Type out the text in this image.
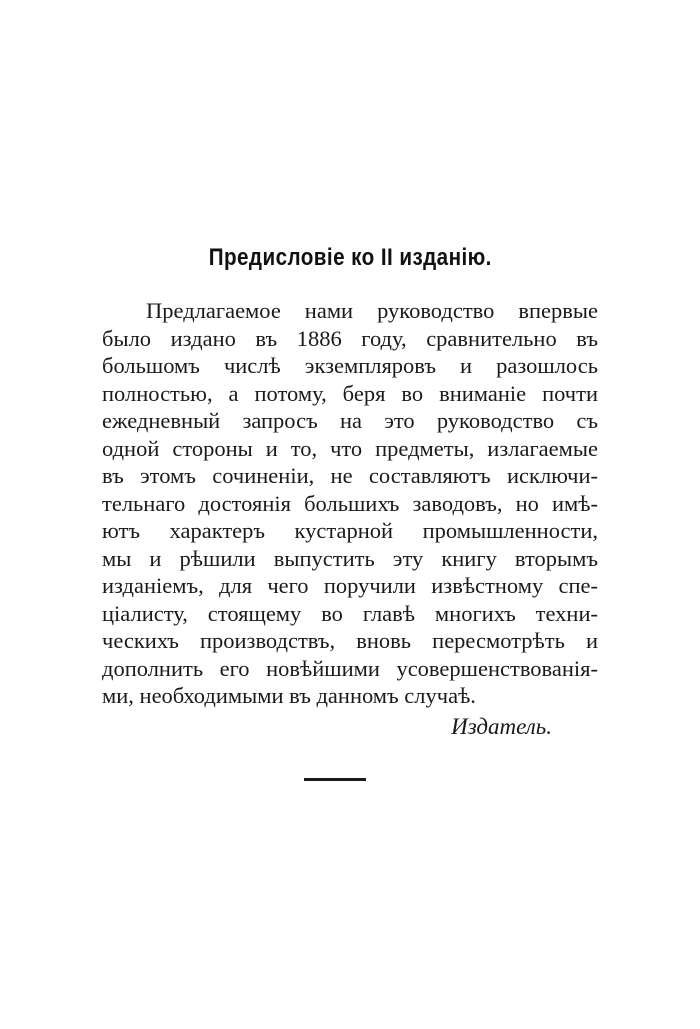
Предисловіе ко II изданію.
Предлагаемое нами руководство впервые
было издано въ 1886 году, сравнительно въ
большомъ числѣ экземпляровъ и разошлось
полностью, а потому, беря во вниманіе почти
ежедневный запросъ на это руководство съ
одной стороны и то, что предметы, излагаемые
въ этомъ сочиненіи, не составляютъ исключи-
тельнаго достоянія большихъ заводовъ, но имѣ-
ютъ характеръ кустарной промышленности,
мы и рѣшили выпустить эту книгу вторымъ
изданіемъ, для чего поручили извѣстному спе-
ціалисту, стоящему во главѣ многихъ техни-
ческихъ производствъ, вновь пересмотрѣть и
дополнить его новѣйшими усовершенствованія-
ми, необходимыми въ данномъ случаѣ.
Издатель.
